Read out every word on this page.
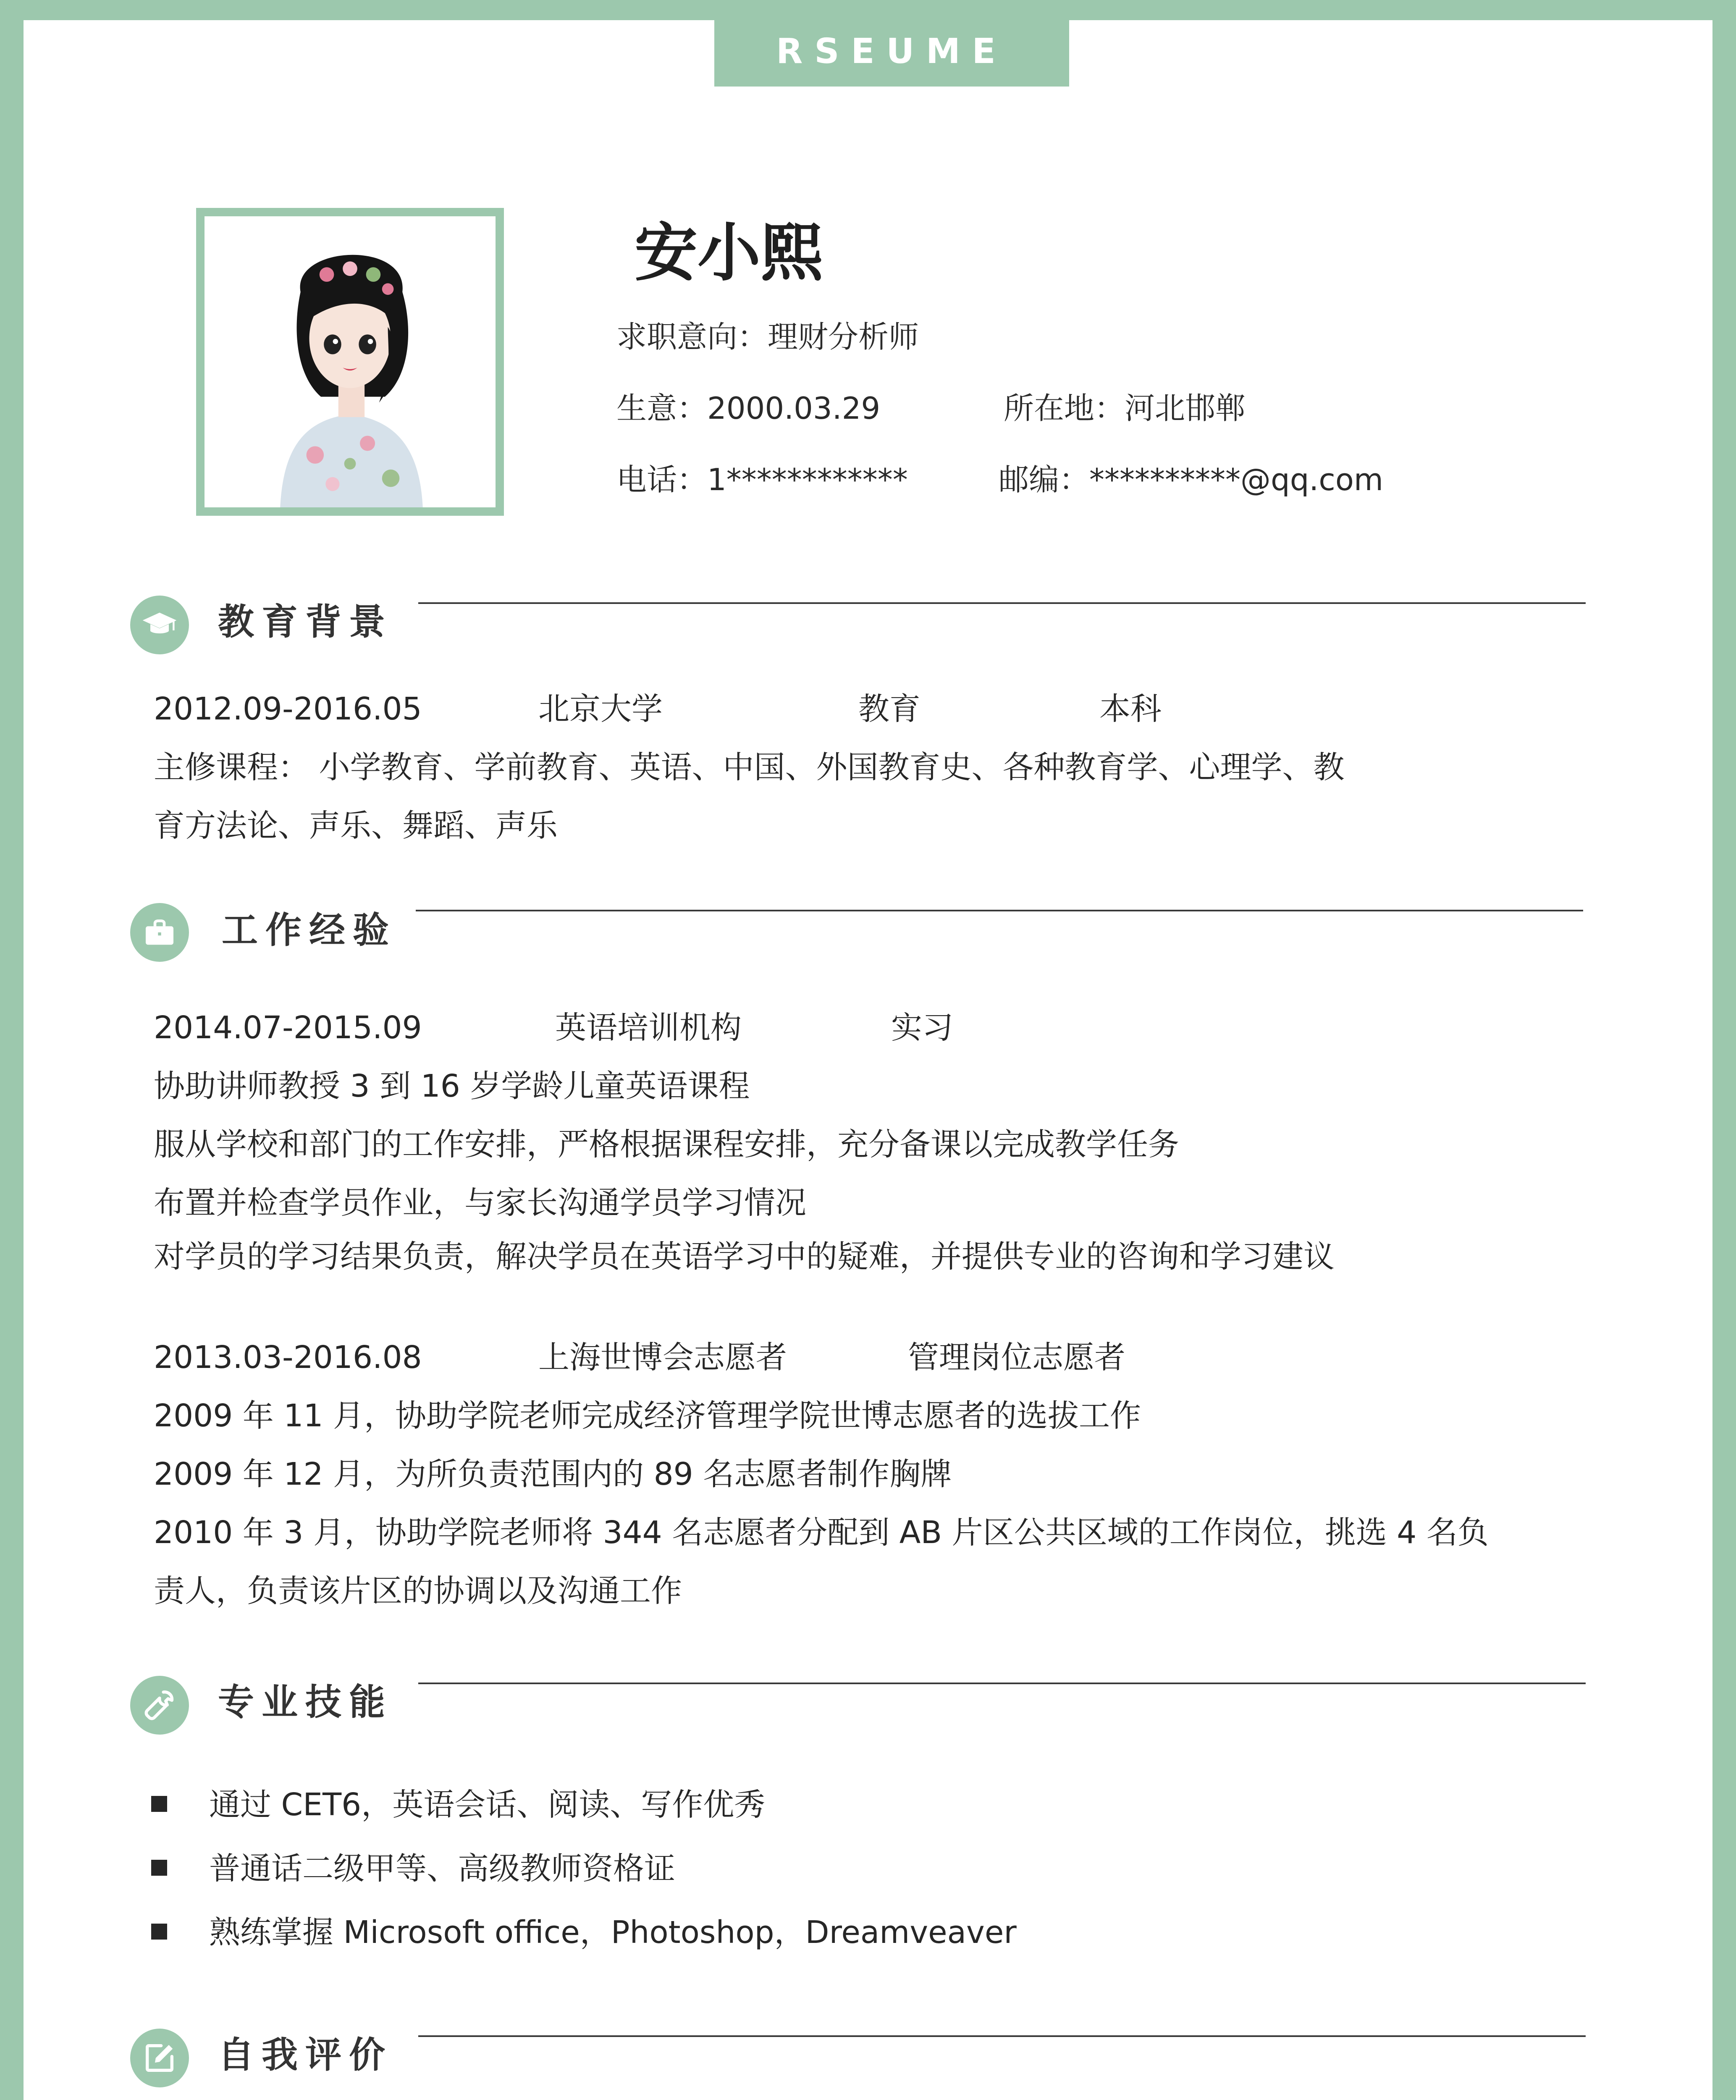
RSEUME
安小熙
求职意向：理财分析师
生意：2000.03.29	所在地：河北邯郸
电话：1************	邮编：**********@qq.com
教育背景
2012.09-2016.05	北京大学	教育	本科
主修课程： 小学教育、学前教育、英语、中国、外国教育史、各种教育学、心理学、教
育方法论、声乐、舞蹈、声乐
工作经验
2014.07-2015.09	英语培训机构	实习
协助讲师教授 3 到 16 岁学龄儿童英语课程
服从学校和部门的工作安排，严格根据课程安排，充分备课以完成教学任务
布置并检查学员作业，与家长沟通学员学习情况
对学员的学习结果负责，解决学员在英语学习中的疑难，并提供专业的咨询和学习建议
2013.03-2016.08	上海世博会志愿者	管理岗位志愿者
2009 年 11 月，协助学院老师完成经济管理学院世博志愿者的选拔工作
2009 年 12 月，为所负责范围内的 89 名志愿者制作胸牌
2010 年 3 月，协助学院老师将 344 名志愿者分配到 AB 片区公共区域的工作岗位，挑选 4 名负
责人，负责该片区的协调以及沟通工作
专业技能
通过 CET6，英语会话、阅读、写作优秀
普通话二级甲等、高级教师资格证
熟练掌握 Microsoft office，Photoshop，Dreamveaver
自我评价
